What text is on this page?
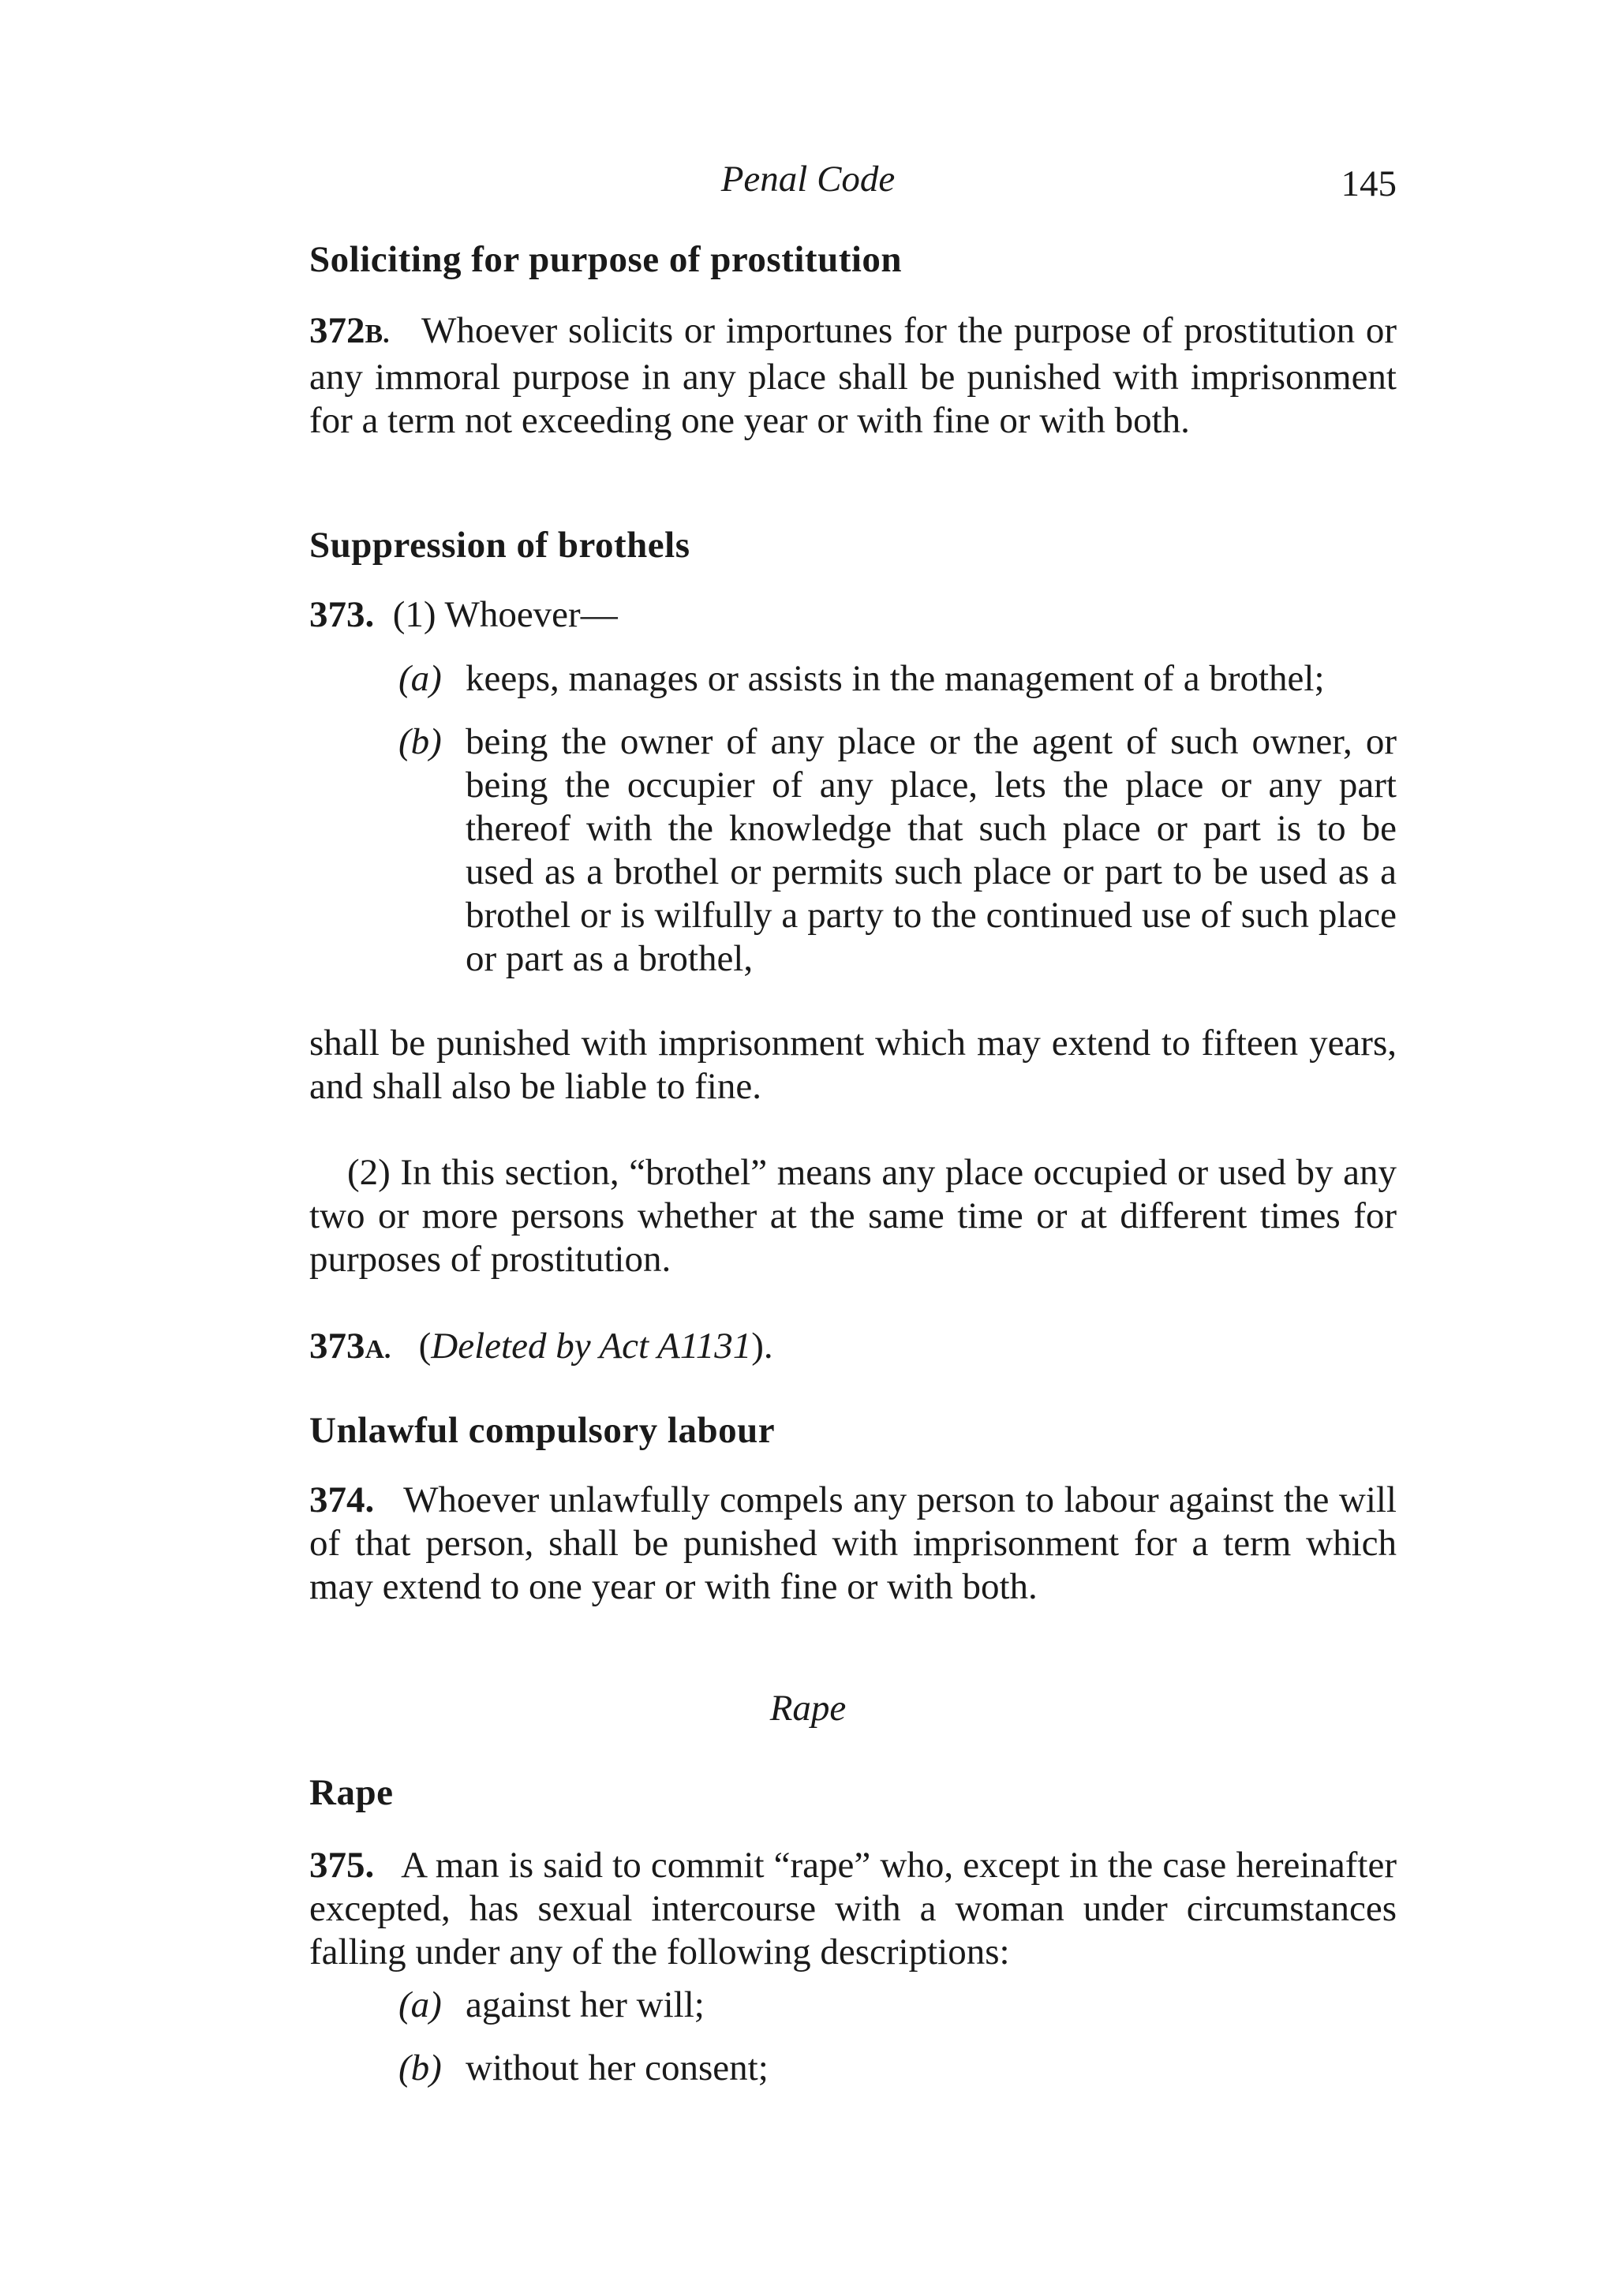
Penal Code	145
Soliciting for purpose of prostitution
372B. Whoever solicits or importunes for the purpose of prostitution or any immoral purpose in any place shall be punished with imprisonment for a term not exceeding one year or with fine or with both.
Suppression of brothels
373. (1) Whoever—
(a) keeps, manages or assists in the management of a brothel;
(b) being the owner of any place or the agent of such owner, or being the occupier of any place, lets the place or any part thereof with the knowledge that such place or part is to be used as a brothel or permits such place or part to be used as a brothel or is wilfully a party to the continued use of such place or part as a brothel,
shall be punished with imprisonment which may extend to fifteen years, and shall also be liable to fine.
(2) In this section, “brothel” means any place occupied or used by any two or more persons whether at the same time or at different times for purposes of prostitution.
373A. (Deleted by Act A1131).
Unlawful compulsory labour
374. Whoever unlawfully compels any person to labour against the will of that person, shall be punished with imprisonment for a term which may extend to one year or with fine or with both.
Rape
Rape
375. A man is said to commit “rape” who, except in the case hereinafter excepted, has sexual intercourse with a woman under circumstances falling under any of the following descriptions:
(a) against her will;
(b) without her consent;
